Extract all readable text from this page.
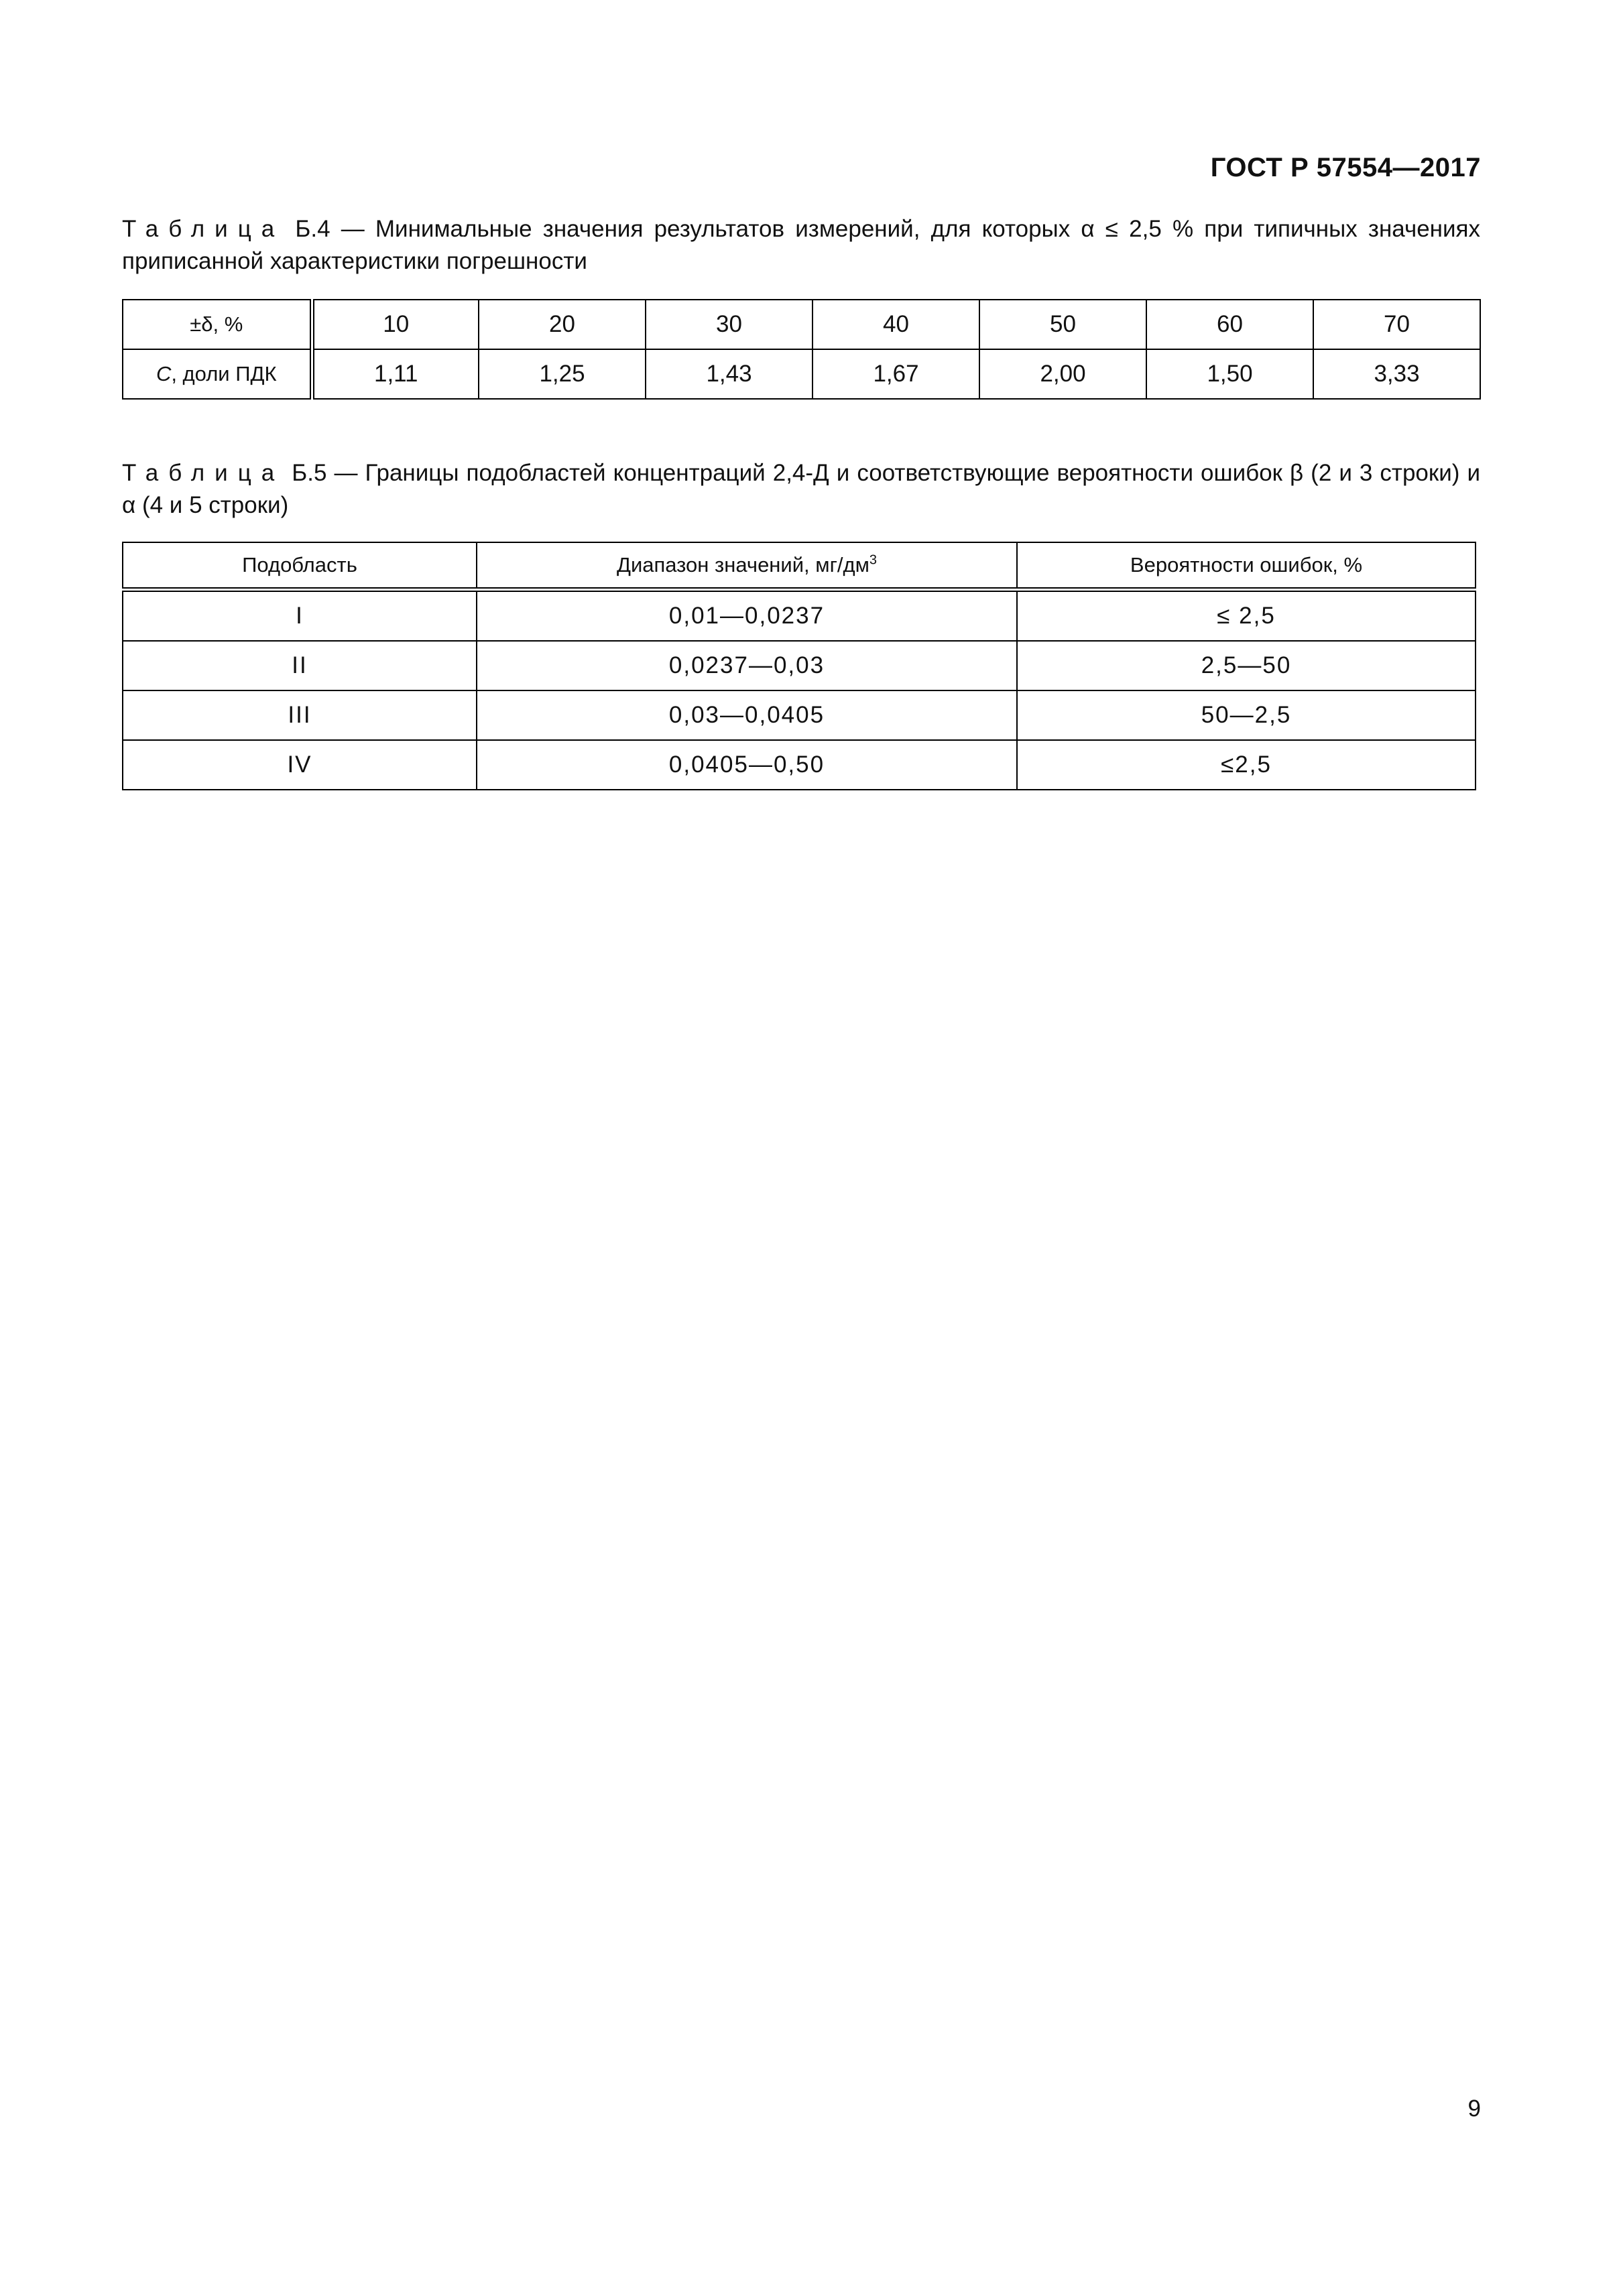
ГОСТ Р 57554—2017
Таблица Б.4 — Минимальные значения результатов измерений, для которых α ≤ 2,5 % при типичных значениях приписанной характеристики погрешности
±δ, %	10	20	30	40	50	60	70
С, доли ПДК	1,11	1,25	1,43	1,67	2,00	1,50	3,33
Таблица Б.5 — Границы подобластей концентраций 2,4-Д и соответствующие вероятности ошибок β (2 и 3 строки) и α (4 и 5 строки)
Подобласть	Диапазон значений, $мг/дм^3$	Вероятности ошибок, %
I	0,01—0,0237	≤ 2,5
II	0,0237—0,03	2,5—50
III	0,03—0,0405	50—2,5
IV	0,0405—0,50	≤2,5
9
